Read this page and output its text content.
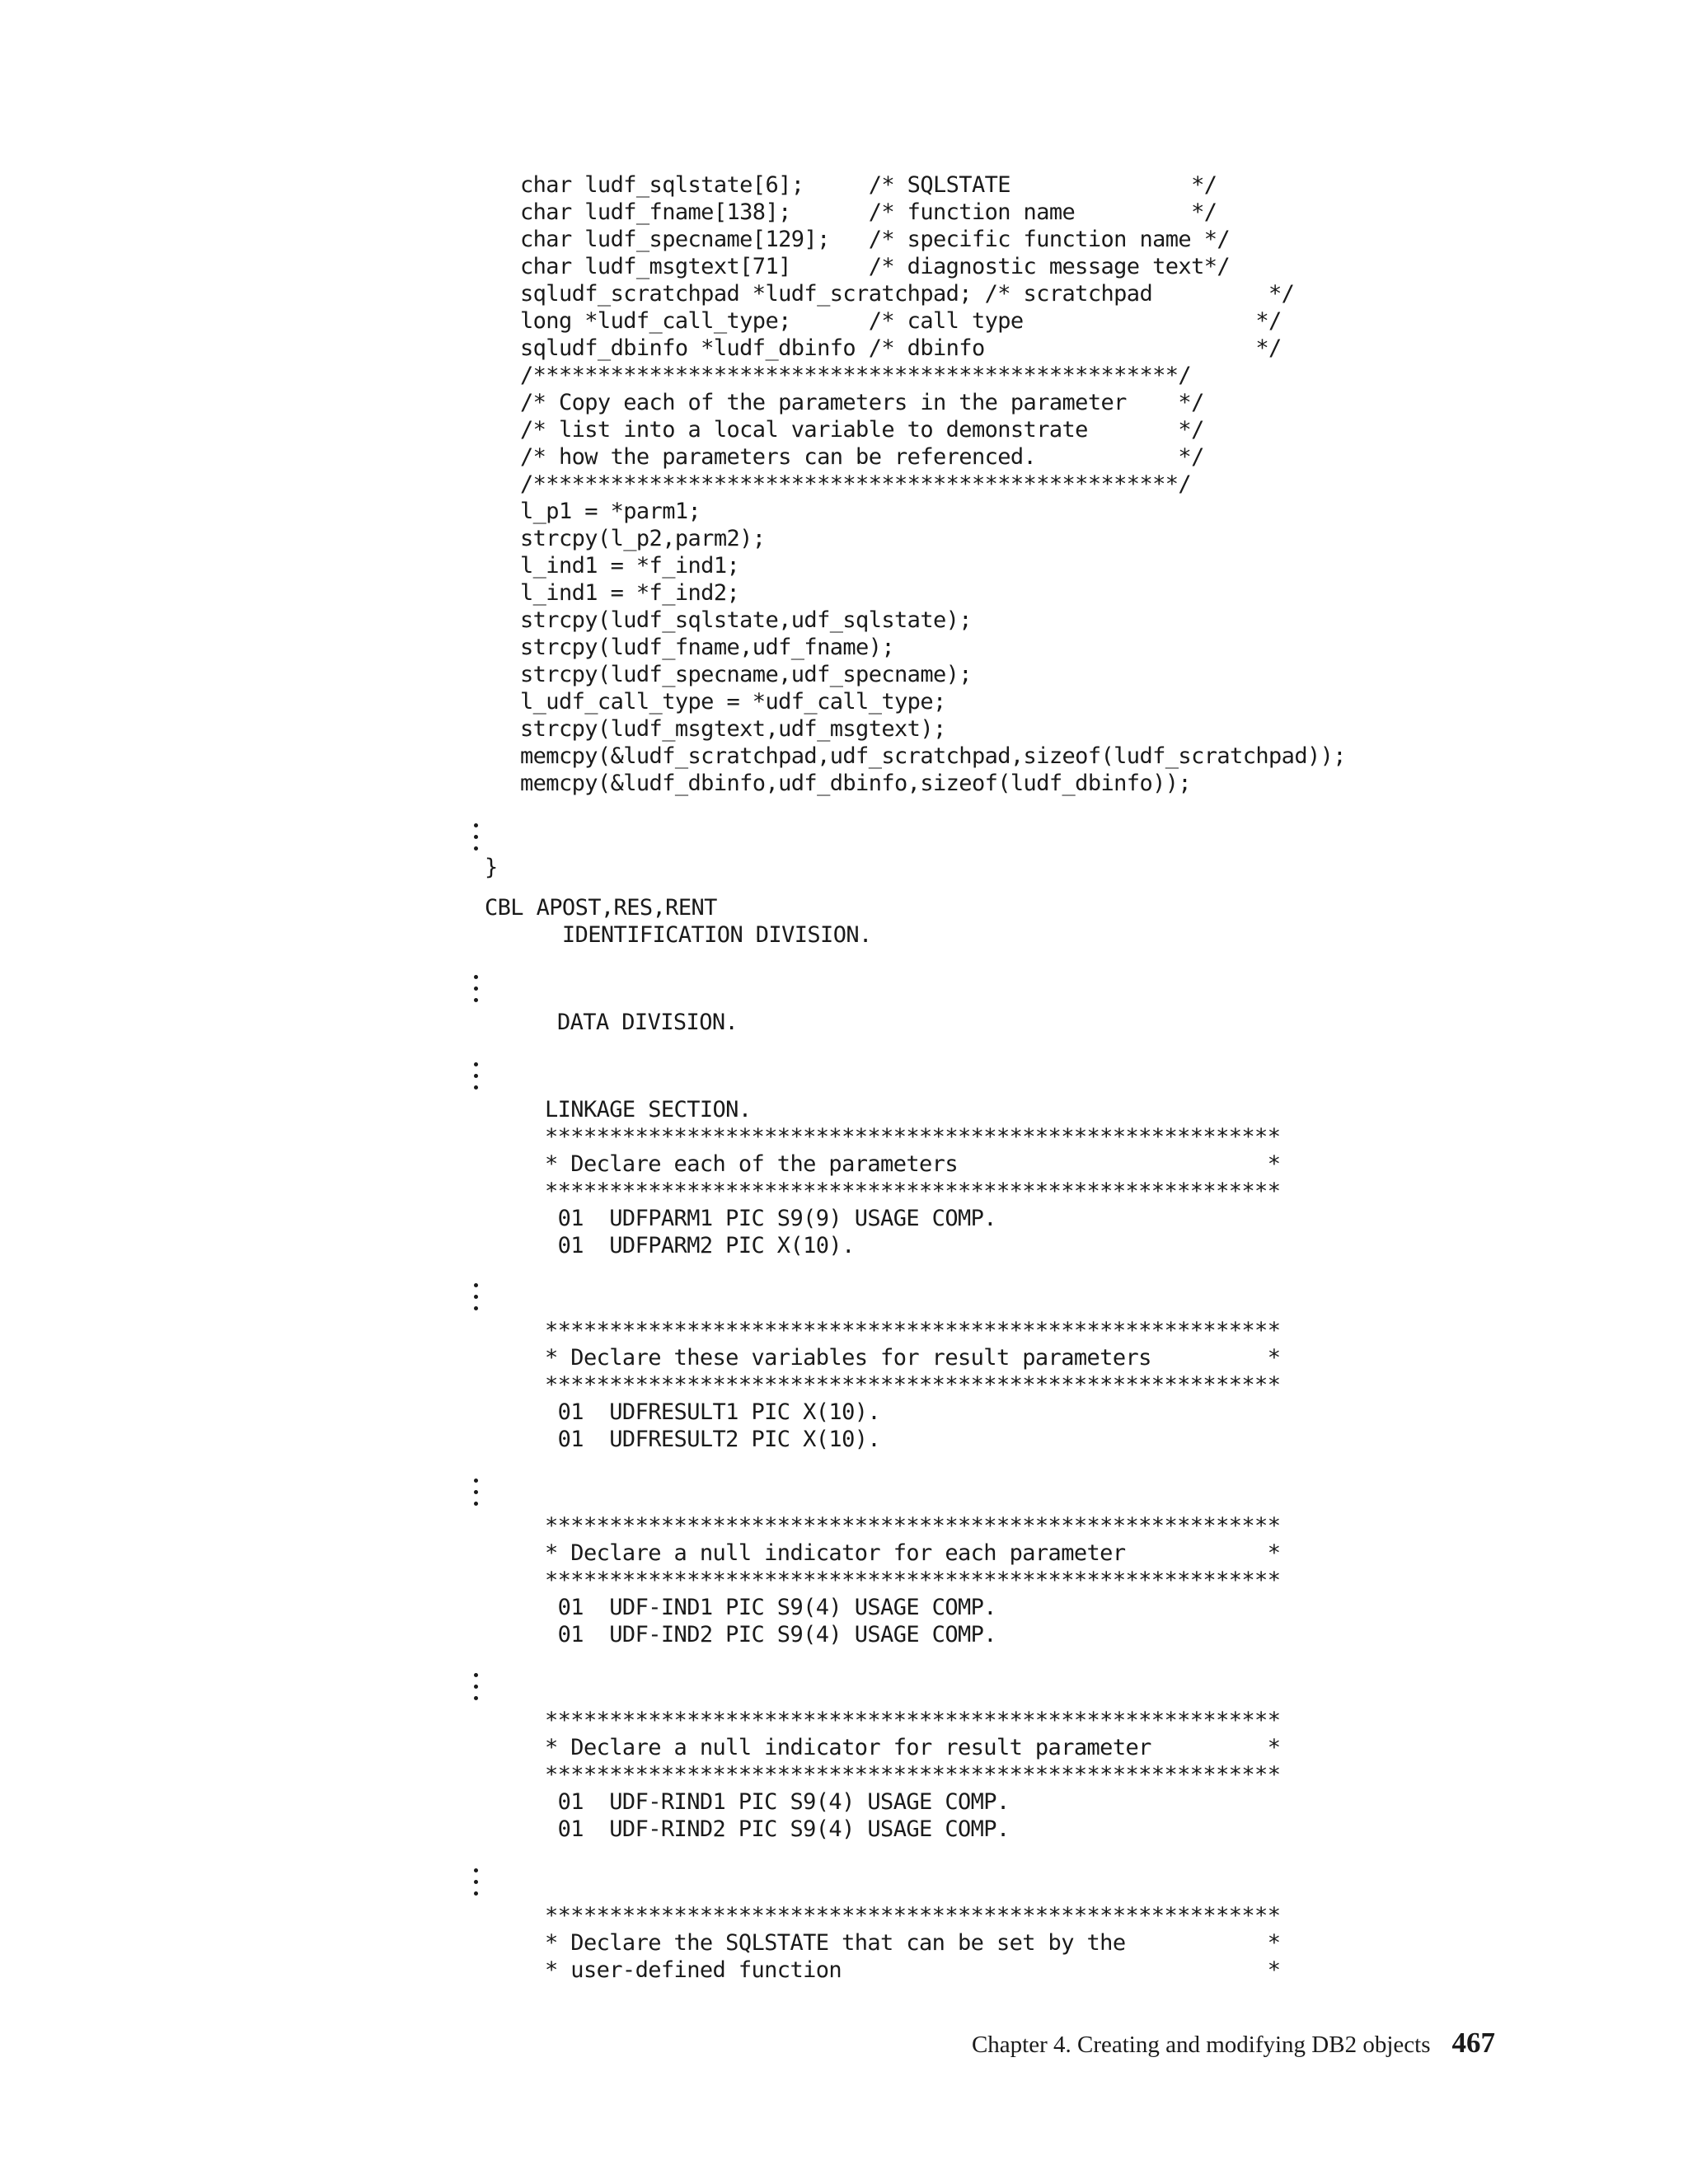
char ludf_sqlstate[6];     /* SQLSTATE              */
char ludf_fname[138];      /* function name         */
char ludf_specname[129];   /* specific function name */
char ludf_msgtext[71]      /* diagnostic message text*/
sqludf_scratchpad *ludf_scratchpad; /* scratchpad         */
long *ludf_call_type;      /* call type                  */
sqludf_dbinfo *ludf_dbinfo /* dbinfo                     */
/**************************************************/
/* Copy each of the parameters in the parameter    */
/* list into a local variable to demonstrate       */
/* how the parameters can be referenced.           */
/**************************************************/
l_p1 = *parm1;
strcpy(l_p2,parm2);
l_ind1 = *f_ind1;
l_ind1 = *f_ind2;
strcpy(ludf_sqlstate,udf_sqlstate);
strcpy(ludf_fname,udf_fname);
strcpy(ludf_specname,udf_specname);
l_udf_call_type = *udf_call_type;
strcpy(ludf_msgtext,udf_msgtext);
memcpy(&ludf_scratchpad,udf_scratchpad,sizeof(ludf_scratchpad));
memcpy(&ludf_dbinfo,udf_dbinfo,sizeof(ludf_dbinfo));
}
CBL APOST,RES,RENT
IDENTIFICATION DIVISION.
DATA DIVISION.
LINKAGE SECTION.
*********************************************************
* Declare each of the parameters                        *
*********************************************************
01  UDFPARM1 PIC S9(9) USAGE COMP.
01  UDFPARM2 PIC X(10).
*********************************************************
* Declare these variables for result parameters         *
*********************************************************
01  UDFRESULT1 PIC X(10).
01  UDFRESULT2 PIC X(10).
*********************************************************
* Declare a null indicator for each parameter           *
*********************************************************
01  UDF-IND1 PIC S9(4) USAGE COMP.
01  UDF-IND2 PIC S9(4) USAGE COMP.
*********************************************************
* Declare a null indicator for result parameter         *
*********************************************************
01  UDF-RIND1 PIC S9(4) USAGE COMP.
01  UDF-RIND2 PIC S9(4) USAGE COMP.
*********************************************************
* Declare the SQLSTATE that can be set by the           *
* user-defined function                                 *
Chapter 4. Creating and modifying DB2 objects 467
